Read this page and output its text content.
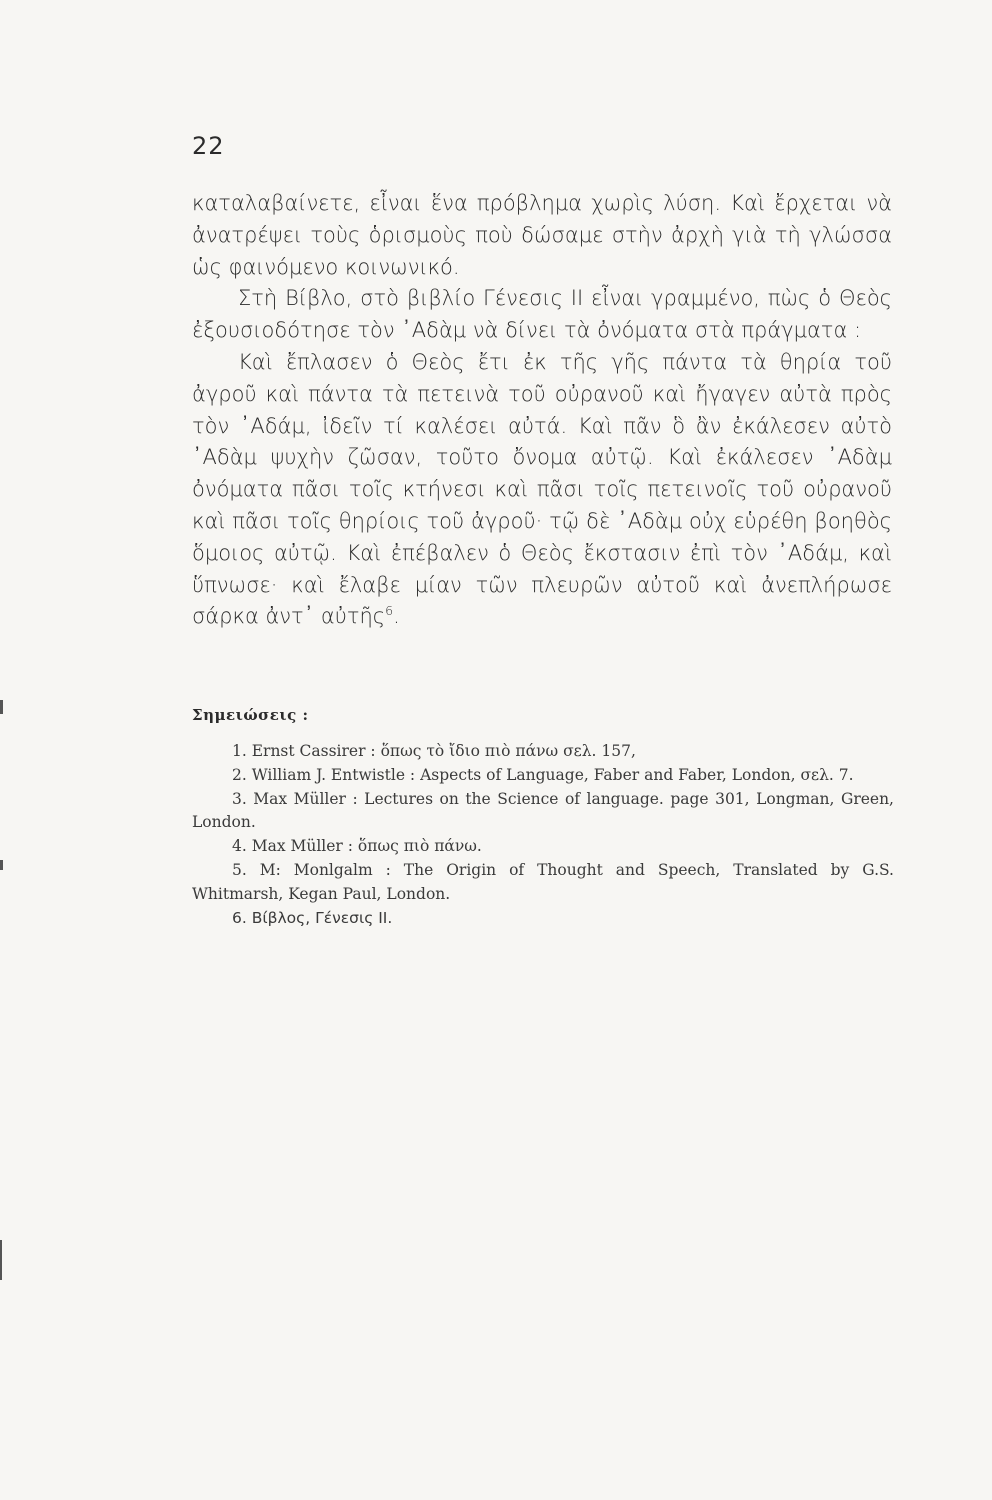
22

καταλαβαίνετε, εἶναι ἕνα πρόβλημα χωρὶς λύση. Καὶ ἔρχεται νὰ ἀνατρέψει τοὺς ὁρισμοὺς ποὺ δώσαμε στὴν ἀρχὴ γιὰ τὴ γλώσσα ὡς φαινόμενο κοινωνικό.

Στὴ Βίβλο, στὸ βιβλίο Γένεσις ΙΙ εἶναι γραμμένο, πὼς ὁ Θεὸς ἐξουσιοδότησε τὸν ᾿Αδὰμ νὰ δίνει τὰ ὀνόματα στὰ πράγματα :

Καὶ ἔπλασεν ὁ Θεὸς ἔτι ἐκ τῆς γῆς πάντα τὰ θηρία τοῦ ἀγροῦ καὶ πάντα τὰ πετεινὰ τοῦ οὐρανοῦ καὶ ἤγαγεν αὐτὰ πρὸς τὸν ᾿Αδάμ, ἰδεῖν τί καλέσει αὐτά. Καὶ πᾶν ὃ ἂν ἐκάλεσεν αὐτὸ ᾿Αδὰμ ψυχὴν ζῶσαν, τοῦτο ὄνομα αὐτῷ. Καὶ ἐκάλεσεν ᾿Αδὰμ ὀνόματα πᾶσι τοῖς κτήνεσι καὶ πᾶσι τοῖς πετεινοῖς τοῦ οὐρανοῦ καὶ πᾶσι τοῖς θηρίοις τοῦ ἀγροῦ· τῷ δὲ ᾿Αδὰμ οὐχ εὑρέθη βοηθὸς ὅμοιος αὐτῷ. Καὶ ἐπέβαλεν ὁ Θεὸς ἔκστασιν ἐπὶ τὸν ᾿Αδάμ, καὶ ὕπνωσε· καὶ ἔλαβε μίαν τῶν πλευρῶν αὐτοῦ καὶ ἀνεπλήρωσε σάρκα ἀντ᾿ αὐτῆς$^6$.

Σημειώσεις :

1. Ernst Cassirer : ὅπως τὸ ἴδιο πιὸ πάνω σελ. 157,

2. William J. Entwistle : Aspects of Language, Faber and Faber, London, σελ. 7.

3. Max Müller : Lectures on the Science of language. page 301, Longman, Green, London.

4. Max Müller : ὅπως πιὸ πάνω.

5. M: Monlgalm : The Origin of Thought and Speech, Translated by G.S. Whitmarsh, Kegan Paul, London.

6. Βίβλος, Γένεσις ΙΙ.
